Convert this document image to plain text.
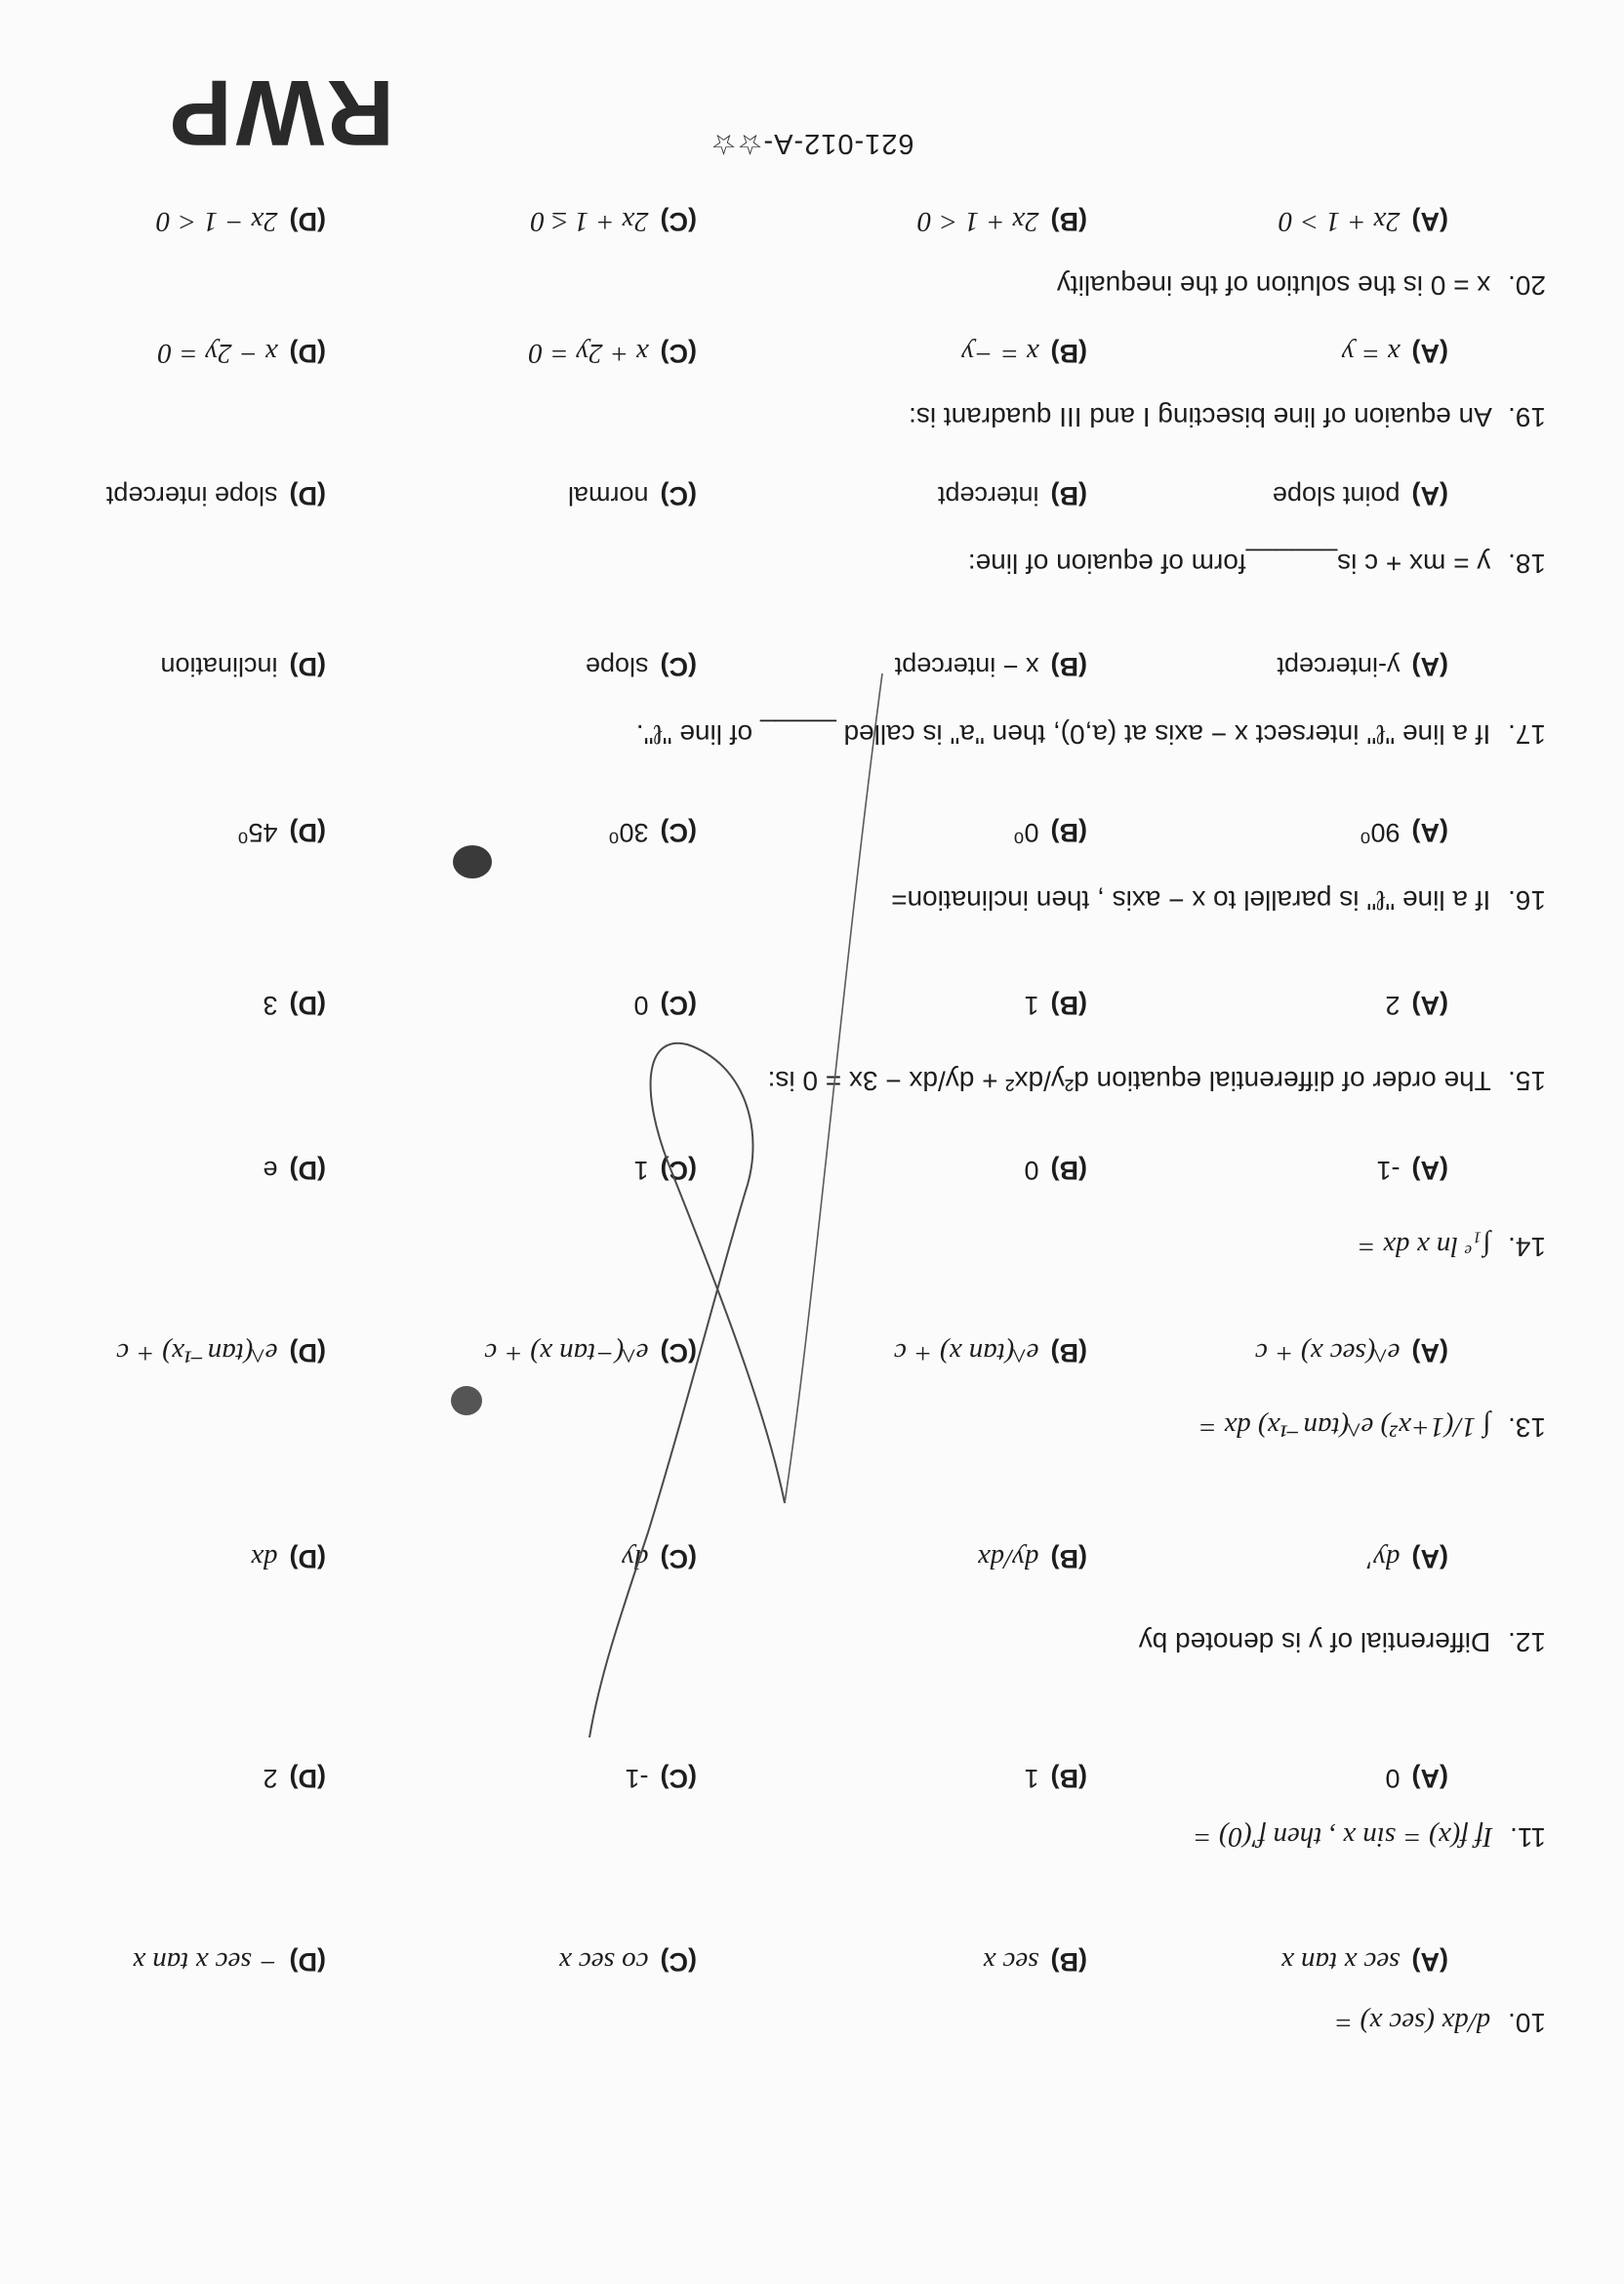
RWP
10. d/dx (sec x) =
(A)sec x tan x
(B)sec x
(C)co sec x
(D)− sec x tan x
11. If f(x) = sin x , then f′(0) =
(A)0
(B)1
(C)-1
(D)2
12. Differential of y is denoted by
(A)dy′
(B)dy/dx
(C)dy
(D)dx
13. ∫ 1/(1+x²) e^(tan⁻¹x) dx =
(A)e^(sec x) + c
(B)e^(tan x) + c
(C)e^(−tan x) + c
(D)e^(tan⁻¹x) + c
14. ∫₁ᵉ ln x dx =
(A)-1
(B)0
(C)1
(D)e
15. The order of differential equation d²y/dx² + dy/dx − 3x = 0 is:
(A)2
(B)1
(C)0
(D)3
16. If a line "ℓ" is parallel to x − axis , then inclination=
(A)90⁰
(B)0⁰
(C)30⁰
(D)45⁰
17. If a line "ℓ" intersect x − axis at (a,0), then "a" is called _____ of line "ℓ".
(A)y-intercept
(B)x − intercept
(C)slope
(D)inclination
18. y = mx + c is______form of equaion of line:
(A)point slope
(B)intercept
(C)normal
(D)slope intercept
19. An equaion of line bisecting I and III quadrant is:
(A)x = y
(B)x = −y
(C)x + 2y = 0
(D)x − 2y = 0
20. x = 0 is the solution of the inequality
(A)2x + 1 > 0
(B)2x + 1 < 0
(C)2x + 1 ≤ 0
(D)2x − 1 < 0
621-012-A-☆☆
